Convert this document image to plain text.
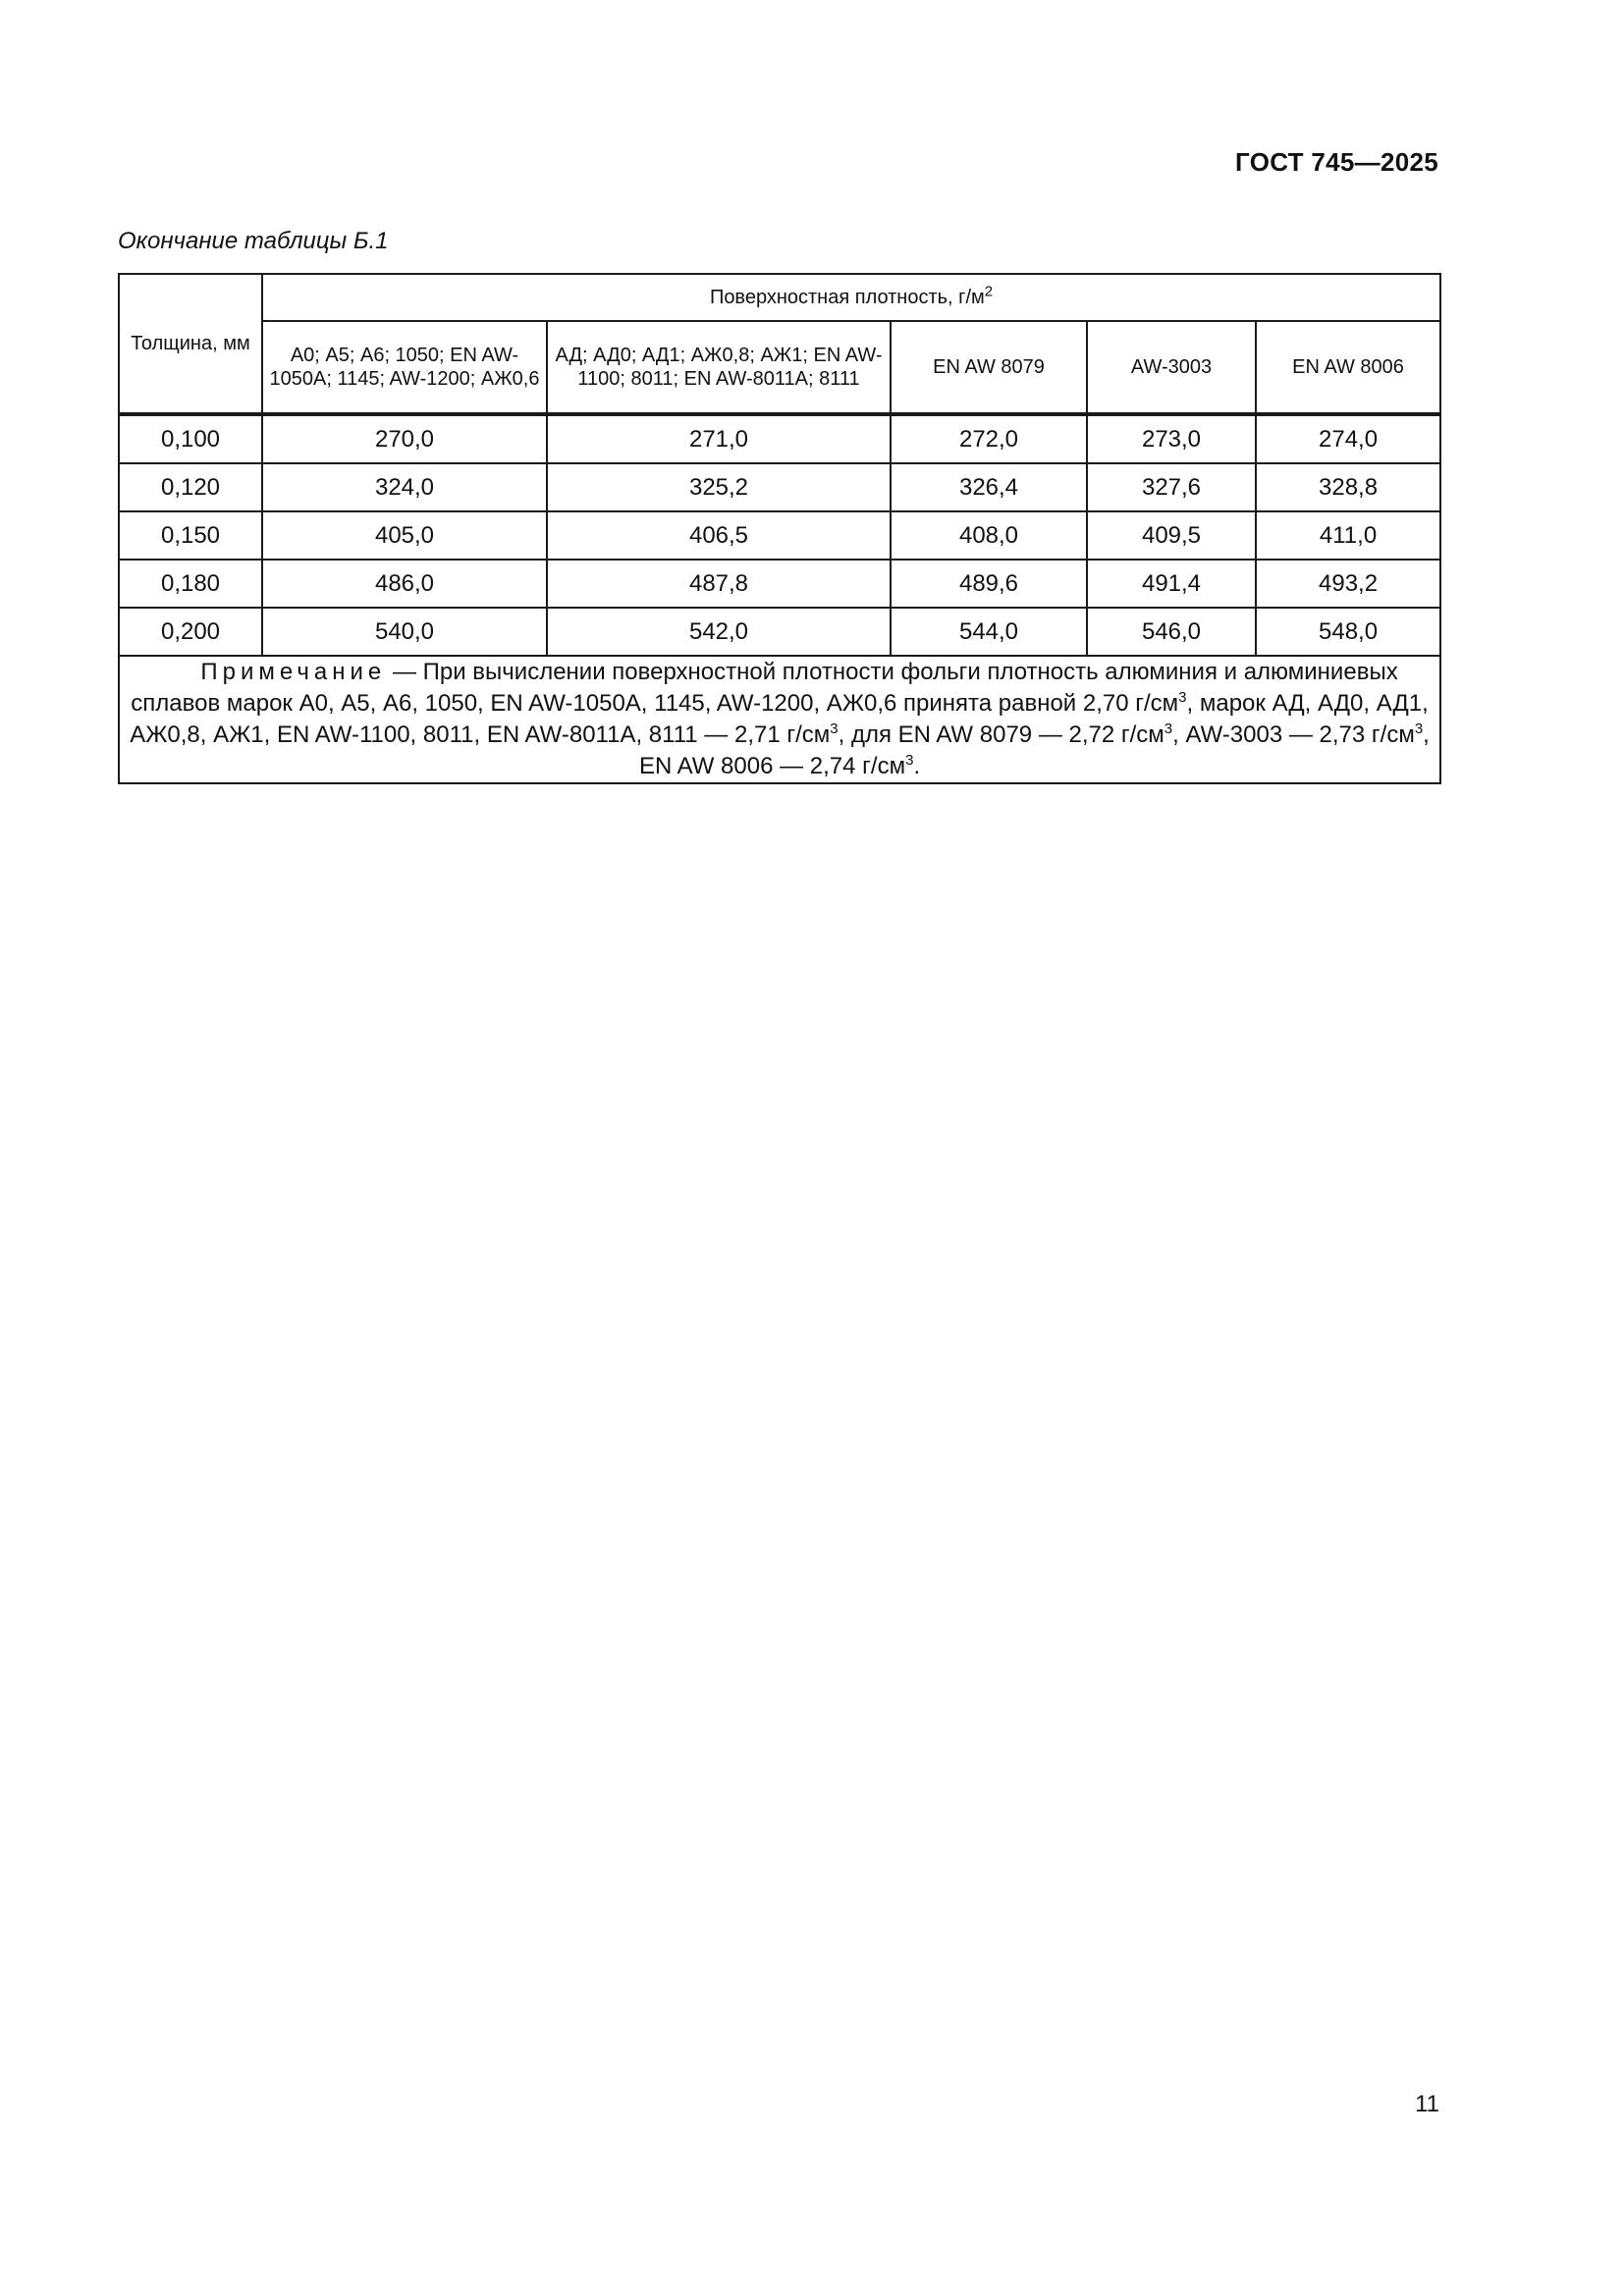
ГОСТ 745—2025
Окончание таблицы Б.1
Толщина, мм	Поверхностная плотность, $г/м^2$
	А0; А5; А6; 1050; EN AW-1050A; 1145; AW-1200; АЖ0,6	АД; АД0; АД1; АЖ0,8; АЖ1; EN AW-1100; 8011; EN AW-8011A; 8111	EN AW 8079	AW-3003	EN AW 8006
0,100	270,0	271,0	272,0	273,0	274,0
0,120	324,0	325,2	326,4	327,6	328,8
0,150	405,0	406,5	408,0	409,5	411,0
0,180	486,0	487,8	489,6	491,4	493,2
0,200	540,0	542,0	544,0	546,0	548,0

Примечание — При вычислении поверхностной плотности фольги плотность алюминия и алюминиевых сплавов марок А0, А5, А6, 1050, EN AW-1050A, 1145, AW-1200, АЖ0,6 принята равной 2,70 $г/см^3$, марок АД, АД0, АД1, АЖ0,8, АЖ1, EN AW-1100, 8011, EN AW-8011A, 8111 — 2,71 $г/см^3$, для EN AW 8079 — 2,72 $г/см^3$, AW-3003 — 2,73 $г/см^3$, EN AW 8006 — 2,74 $г/см^3$.					
11
